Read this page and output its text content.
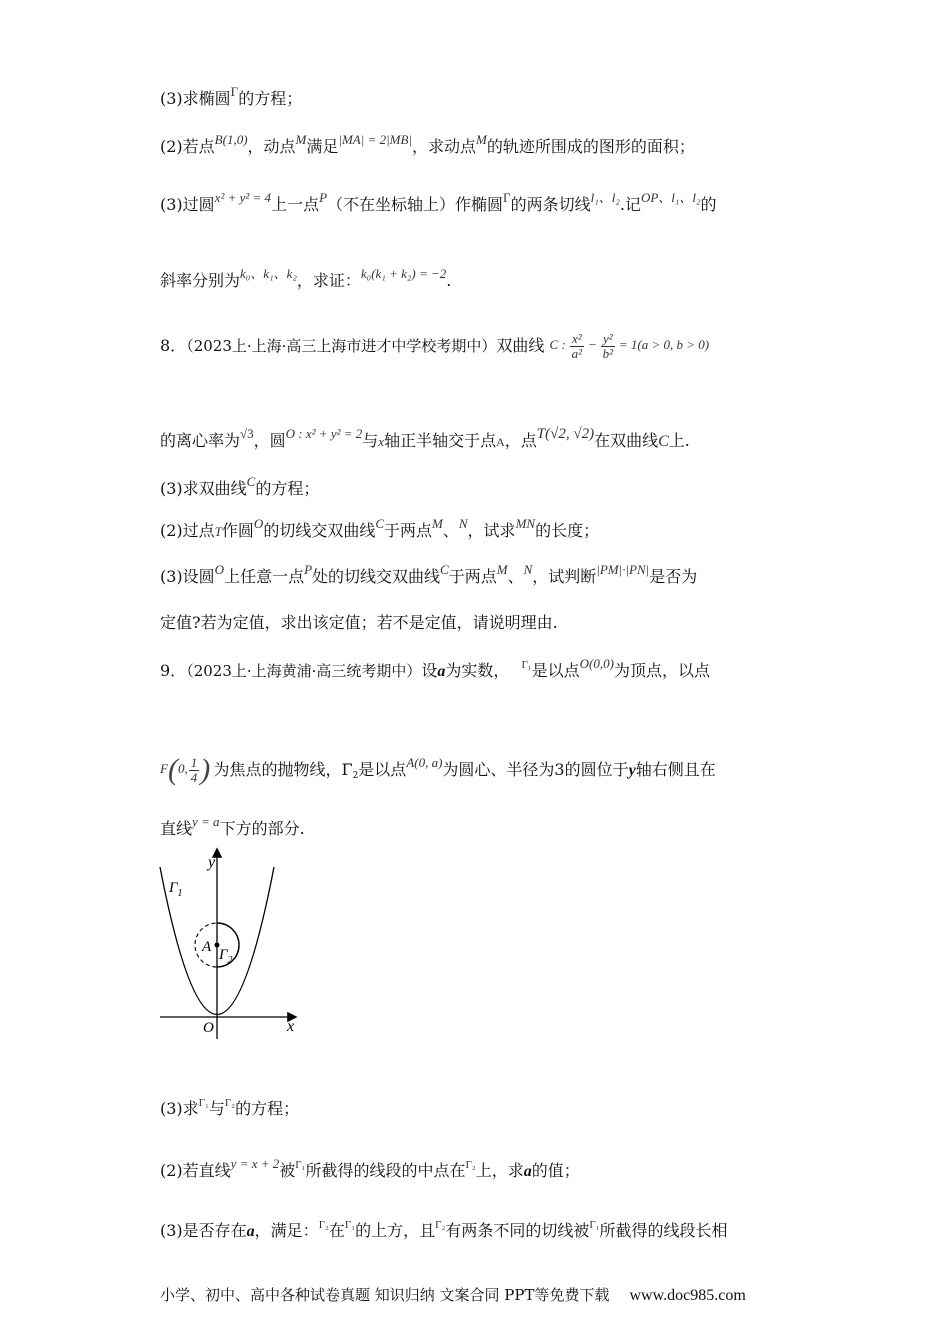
(3)求椭圆Γ的方程；
(2)若点B(1,0)，动点M满足|MA| = 2|MB|，求动点M的轨迹所围成的图形的面积；
(3)过圆x² + y² = 4上一点P（不在坐标轴上）作椭圆Γ的两条切线l₁、l₂.记OP、l₁、l₂的
斜率分别为k₀、k₁、k₂，求证：k₀(k₁ + k₂) = −2.
8．（2023上·上海·高三上海市进才中学校考期中）双曲线 C : $\frac{\text{x²}}{\text{a²}} - \frac{\text{y²}}{\text{b²}} = 1(a > 0$, b > 0)
的离心率为√3，圆O : x² + y² = 2与x轴正半轴交于点A，点T(√2, √2)在双曲线C上.
(3)求双曲线C的方程；
(2)过点T作圆O的切线交双曲线C于两点M、N，试求MN的长度；
(3)设圆O上任意一点P处的切线交双曲线C于两点M、N，试判断|PM|·|PN|是否为
定值?若为定值，求出该定值；若不是定值，请说明理由.
9．（2023上·上海黄浦·高三统考期中）设a为实数， Γ₁是以点O(0,0)为顶点，以点
F(0, $\frac{1}{4}$ ) 为焦点的抛物线，$\Gamma_2$是以点A(0, a)为圆心、半径为3的圆位于y轴右侧且在
直线y = a下方的部分.
y
x
O
A
$\Gamma_1$
$\Gamma_2$
(3)求Γ₁与Γ₂的方程；
(2)若直线y = x + 2被Γ₁所截得的线段的中点在Γ₂上，求a的值；
(3)是否存在a，满足：Γ₂在Γ₁的上方，且Γ₂有两条不同的切线被Γ₁所截得的线段长相
小学、初中、高中各种试卷真题 知识归纳 文案合同 PPT等免费下载 www.doc985.com
